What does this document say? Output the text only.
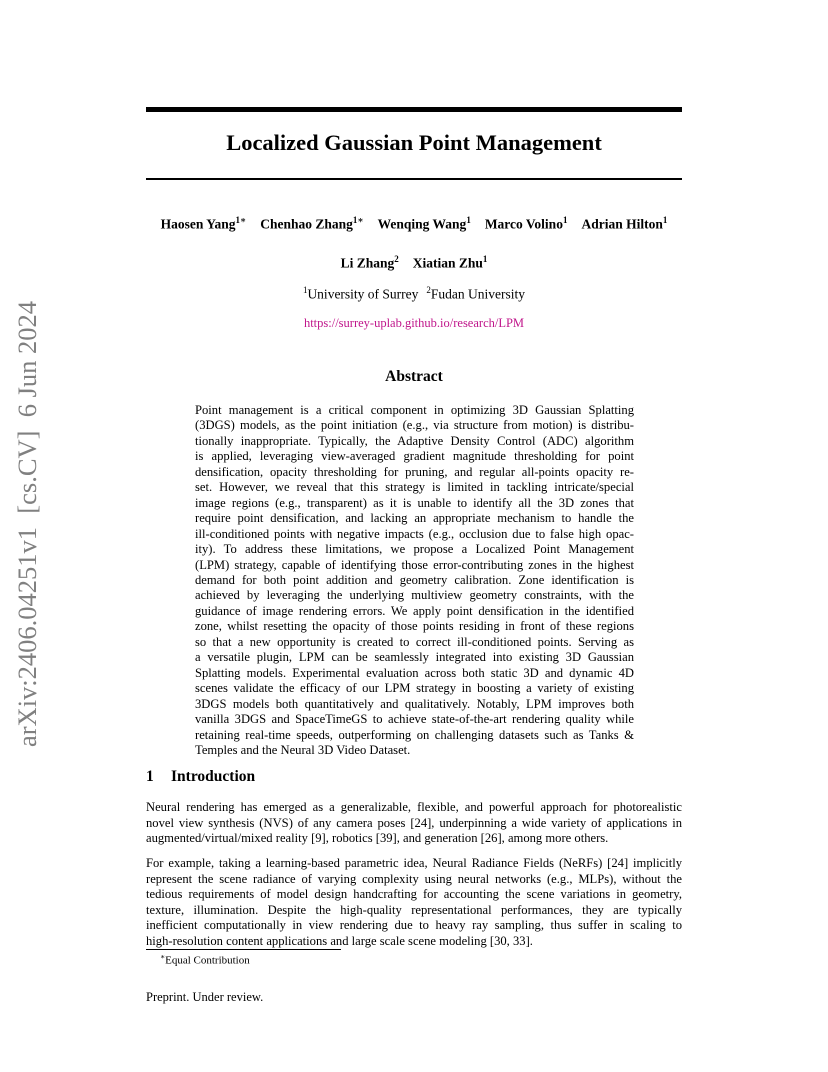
Localized Gaussian Point Management
Haosen Yang$^{1∗}$ Chenhao Zhang$^{1∗}$ Wenqing Wang$^1$ Marco Volino$^1$ Adrian Hilton$^1$
Li Zhang$^2$ Xiatian Zhu$^1$
$^1$University of Surrey $^2$Fudan University
https://surrey-uplab.github.io/research/LPM
Abstract

Point management is a critical component in optimizing 3D Gaussian Splatting
(3DGS) models, as the point initiation (e.g., via structure from motion) is distribu-
tionally inappropriate. Typically, the Adaptive Density Control (ADC) algorithm
is applied, leveraging view-averaged gradient magnitude thresholding for point
densification, opacity thresholding for pruning, and regular all-points opacity re-
set. However, we reveal that this strategy is limited in tackling intricate/special
image regions (e.g., transparent) as it is unable to identify all the 3D zones that
require point densification, and lacking an appropriate mechanism to handle the
ill-conditioned points with negative impacts (e.g., occlusion due to false high opac-
ity). To address these limitations, we propose a Localized Point Management
(LPM) strategy, capable of identifying those error-contributing zones in the highest
demand for both point addition and geometry calibration. Zone identification is
achieved by leveraging the underlying multiview geometry constraints, with the
guidance of image rendering errors. We apply point densification in the identified
zone, whilst resetting the opacity of those points residing in front of these regions
so that a new opportunity is created to correct ill-conditioned points. Serving as
a versatile plugin, LPM can be seamlessly integrated into existing 3D Gaussian
Splatting models. Experimental evaluation across both static 3D and dynamic 4D
scenes validate the efficacy of our LPM strategy in boosting a variety of existing
3DGS models both quantitatively and qualitatively. Notably, LPM improves both
vanilla 3DGS and SpaceTimeGS to achieve state-of-the-art rendering quality while
retaining real-time speeds, outperforming on challenging datasets such as Tanks &
Temples and the Neural 3D Video Dataset.

1 Introduction

Neural rendering has emerged as a generalizable, flexible, and powerful approach for photorealistic
novel view synthesis (NVS) of any camera poses [24], underpinning a wide variety of applications in
augmented/virtual/mixed reality [9], robotics [39], and generation [26], among more others.

For example, taking a learning-based parametric idea, Neural Radiance Fields (NeRFs) [24] implicitly
represent the scene radiance of varying complexity using neural networks (e.g., MLPs), without the
tedious requirements of model design handcrafting for accounting the scene variations in geometry,
texture, illumination. Despite the high-quality representational performances, they are typically
inefficient computationally in view rendering due to heavy ray sampling, thus suffer in scaling to
high-resolution content applications and large scale scene modeling [30, 33].

∗Equal Contribution
Preprint. Under review.
arXiv:2406.04251v1  [cs.CV]  6 Jun 2024
